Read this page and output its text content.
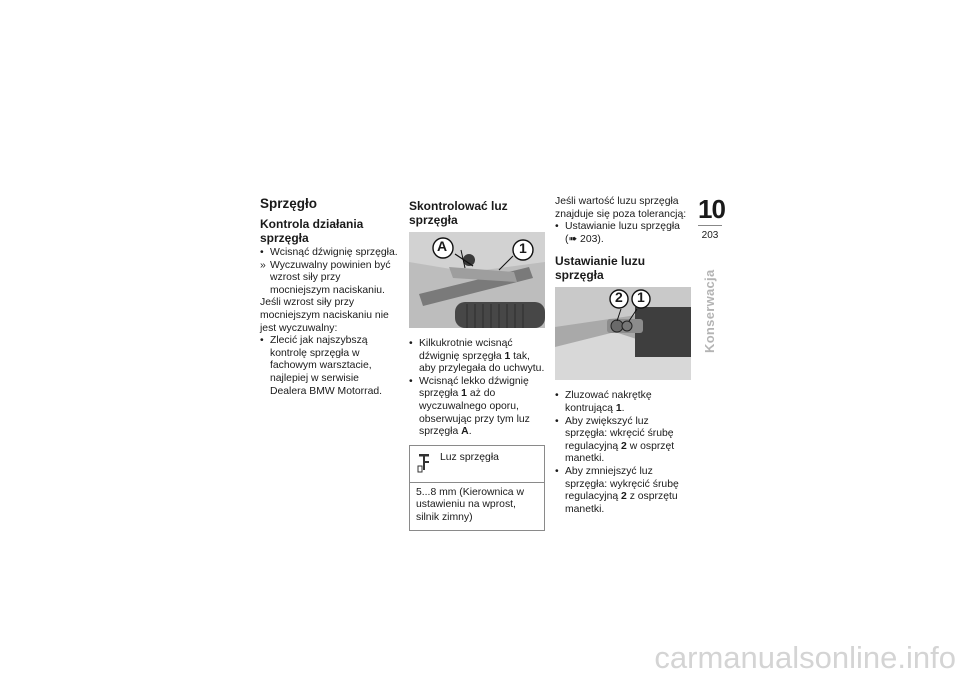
Sprzęgło
Kontrola działania sprzęgła
• Wcisnąć dźwignię sprzęgła.
» Wyczuwalny powinien być wzrost siły przy mocniejszym naciskaniu.

Jeśli wzrost siły przy mocniejszym naciskaniu nie jest wyczuwalny:

• Zlecić jak najszybszą kontrolę sprzęgła w fachowym warsztacie, najlepiej w serwisie Dealera BMW Motorrad.
Skontrolować luz sprzęgła
A	1
• Kilkukrotnie wcisnąć dźwignię sprzęgła 1 tak, aby przylegała do uchwytu.
• Wcisnąć lekko dźwignię sprzęgła 1 aż do wyczuwalnego oporu, obserwując przy tym luz sprzęgła A.
Luz sprzęgła
5...8 mm (Kierownica w ustawieniu na wprost, silnik zimny)

Jeśli wartość luzu sprzęgła znajduje się poza tolerancją:

• Ustawianie luzu sprzęgła
(➠ 203).
Ustawianie luzu sprzęgła
2 1
• Zluzować nakrętkę kontrującą 1.
• Aby zwiększyć luz sprzęgła: wkręcić śrubę regulacyjną 2 w osprzęt manetki.
• Aby zmniejszyć luz sprzęgła: wykręcić śrubę regulacyjną 2 z osprzętu manetki.
10
203
Konserwacja
carmanualsonline.info
